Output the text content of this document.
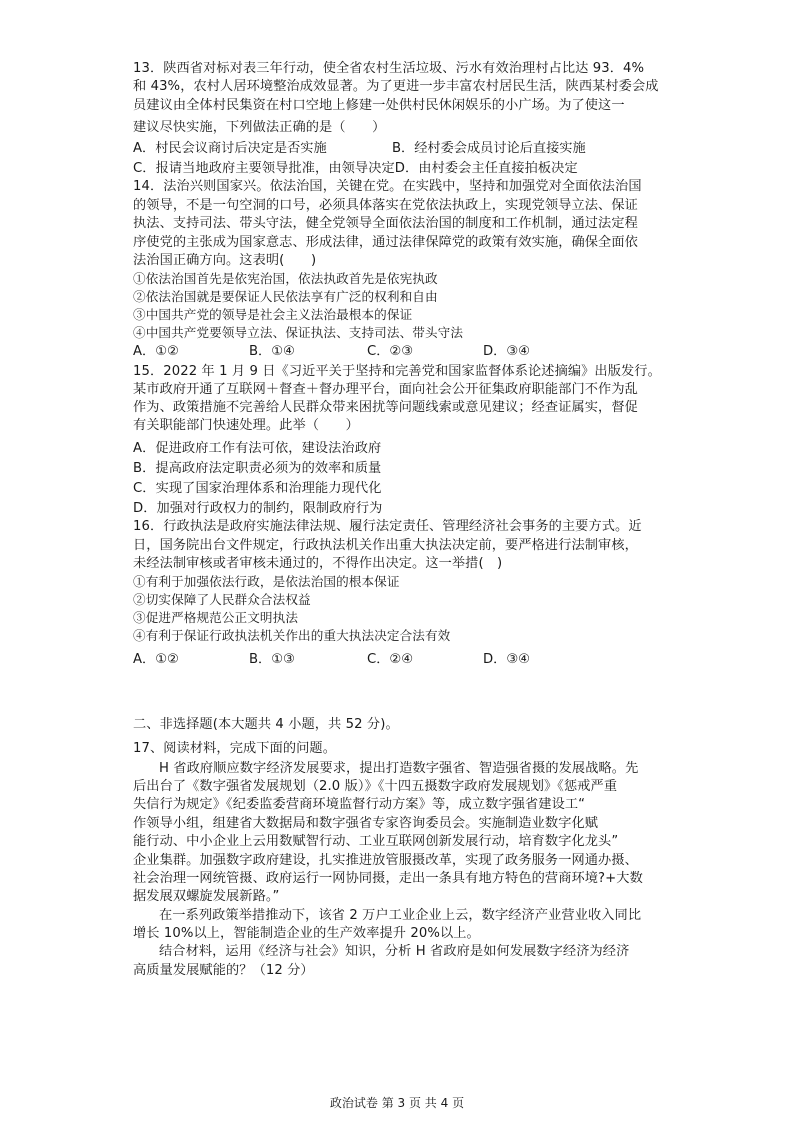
13．陕西省对标对表三年行动，使全省农村生活垃圾、污水有效治理村占比达 93．4%
和 43%，农村人居环境整治成效显著。为了更进一步丰富农村居民生活，陕西某村委会成
员建议由全体村民集资在村口空地上修建一处供村民休闲娱乐的小广场。为了使这一
建议尽快实施，下列做法正确的是（　　）
A．村民会议商讨后决定是否实施	B．经村委会成员讨论后直接实施
C．报请当地政府主要领导批准，由领导决定D．由村委会主任直接拍板决定
14．法治兴则国家兴。依法治国，关键在党。在实践中，坚持和加强党对全面依法治国
的领导，不是一句空洞的口号，必须具体落实在党依法执政上，实现党领导立法、保证
执法、支持司法、带头守法，健全党领导全面依法治国的制度和工作机制，通过法定程
序使党的主张成为国家意志、形成法律，通过法律保障党的政策有效实施，确保全面依
法治国正确方向。这表明(　　)
①依法治国首先是依宪治国，依法执政首先是依宪执政
②依法治国就是要保证人民依法享有广泛的权利和自由
③中国共产党的领导是社会主义法治最根本的保证
④中国共产党要领导立法、保证执法、支持司法、带头守法
A．①②	B．①④	C．②③	D．③④
15．2022 年 1 月 9 日《习近平关于坚持和完善党和国家监督体系论述摘编》出版发行。
某市政府开通了互联网＋督查＋督办理平台，面向社会公开征集政府职能部门不作为乱
作为、政策措施不完善给人民群众带来困扰等问题线索或意见建议；经查证属实，督促
有关职能部门快速处理。此举（　　）
A．促进政府工作有法可依，建设法治政府
B．提高政府法定职责必须为的效率和质量
C．实现了国家治理体系和治理能力现代化
D．加强对行政权力的制约，限制政府行为
16．行政执法是政府实施法律法规、履行法定责任、管理经济社会事务的主要方式。近
日，国务院出台文件规定，行政执法机关作出重大执法决定前，要严格进行法制审核，
未经法制审核或者审核未通过的，不得作出决定。这一举措(　)
①有利于加强依法行政，是依法治国的根本保证
②切实保障了人民群众合法权益
③促进严格规范公正文明执法
④有利于保证行政执法机关作出的重大执法决定合法有效
A．①②	B．①③	C．②④	D．③④
二、非选择题(本大题共 4 小题，共 52 分)。
17、阅读材料，完成下面的问题。
H 省政府顺应数字经济发展要求，提出打造数字强省、智造强省摄的发展战略。先
后出台了《数字强省发展规划（2.0 版）》《十四五摄数字政府发展规划》《惩戒严重
失信行为规定》《纪委监委营商环境监督行动方案》等，成立数字强省建设工“
作领导小组，组建省大数据局和数字强省专家咨询委员会。实施制造业数字化赋
能行动、中小企业上云用数赋智行动、工业互联网创新发展行动，培育数字化龙头”
企业集群。加强数字政府建设，扎实推进放管服摄改革，实现了政务服务一网通办摄、
社会治理一网统管摄、政府运行一网协同摄，走出一条具有地方特色的营商环境?+大数
据发展双螺旋发展新路。”
在一系列政策举措推动下，该省 2 万户工业企业上云，数字经济产业营业收入同比
增长 10%以上，智能制造企业的生产效率提升 20%以上。
结合材料，运用《经济与社会》知识，分析 H 省政府是如何发展数字经济为经济
高质量发展赋能的？（12 分）
政治试卷 第 3 页 共 4 页
